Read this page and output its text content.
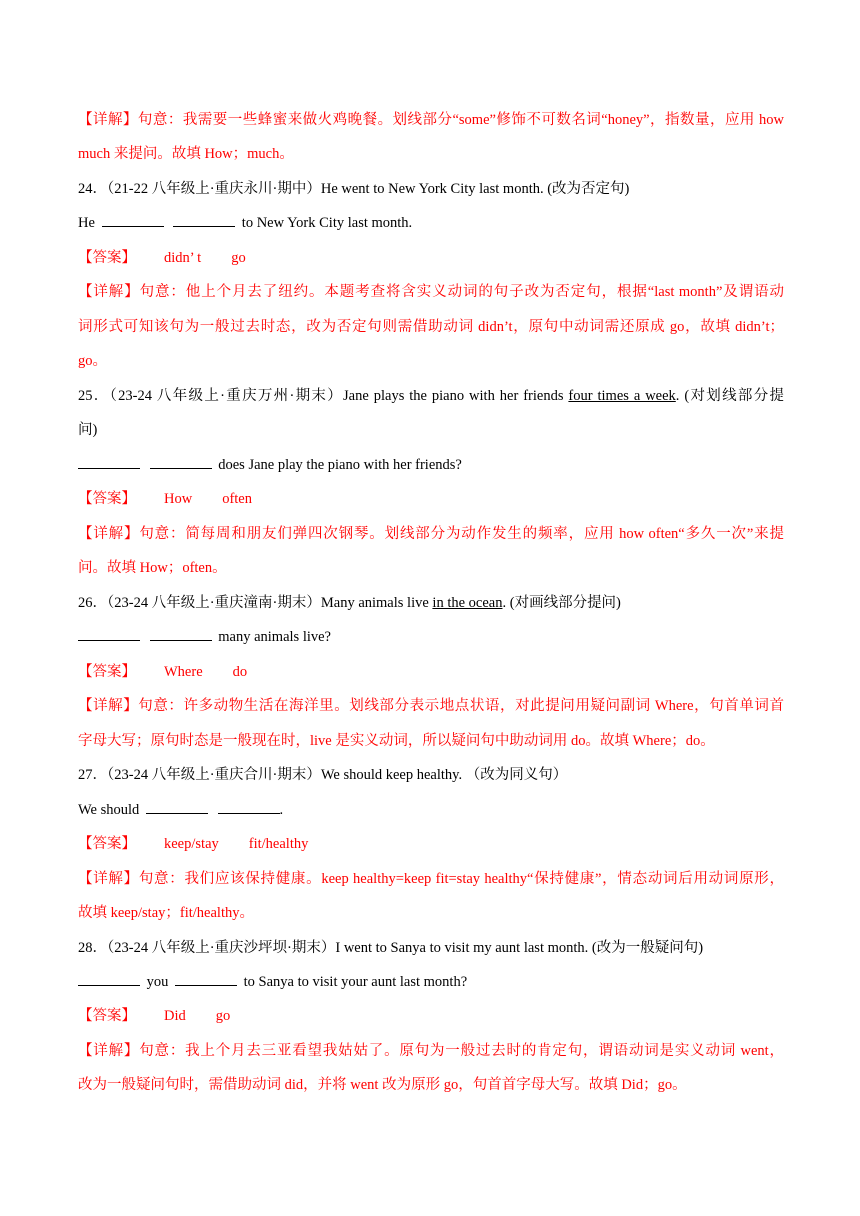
【详解】句意：我需要一些蜂蜜来做火鸡晚餐。划线部分“some”修饰不可数名词“honey”，指数量，应用 how
much 来提问。故填 How；much。
24．（21-22 八年级上·重庆永川·期中）He went to New York City last month. (改为否定句)
He	to New York City last month.
【答案】 didn’ t go
【详解】句意：他上个月去了纽约。本题考查将含实义动词的句子改为否定句，根据“last month”及谓语动
词形式可知该句为一般过去时态，改为否定句则需借助动词 didn’t，原句中动词需还原成 go，故填 didn’t；
go。
25．（23-24 八年级上·重庆万州·期末）Jane plays the piano with her friends four times a week. (对划线部分提
问)
does Jane play the piano with her friends?
【答案】 How often
【详解】句意：简每周和朋友们弹四次钢琴。划线部分为动作发生的频率，应用 how often“多久一次”来提
问。故填 How；often。
26．（23-24 八年级上·重庆潼南·期末）Many animals live in the ocean. (对画线部分提问)
many animals live?
【答案】 Where do
【详解】句意：许多动物生活在海洋里。划线部分表示地点状语，对此提问用疑问副词 Where，句首单词首
字母大写；原句时态是一般现在时，live 是实义动词，所以疑问句中助动词用 do。故填 Where；do。
27．（23-24 八年级上·重庆合川·期末）We should keep healthy. （改为同义句）
We should	.
【答案】 keep/stay fit/healthy
【详解】句意：我们应该保持健康。keep healthy=keep fit=stay healthy“保持健康”，情态动词后用动词原形，
故填 keep/stay；fit/healthy。
28．（23-24 八年级上·重庆沙坪坝·期末）I went to Sanya to visit my aunt last month. (改为一般疑问句)
you	to Sanya to visit your aunt last month?
【答案】 Did go
【详解】句意：我上个月去三亚看望我姑姑了。原句为一般过去时的肯定句，谓语动词是实义动词 went，
改为一般疑问句时，需借助动词 did，并将 went 改为原形 go，句首首字母大写。故填 Did；go。
